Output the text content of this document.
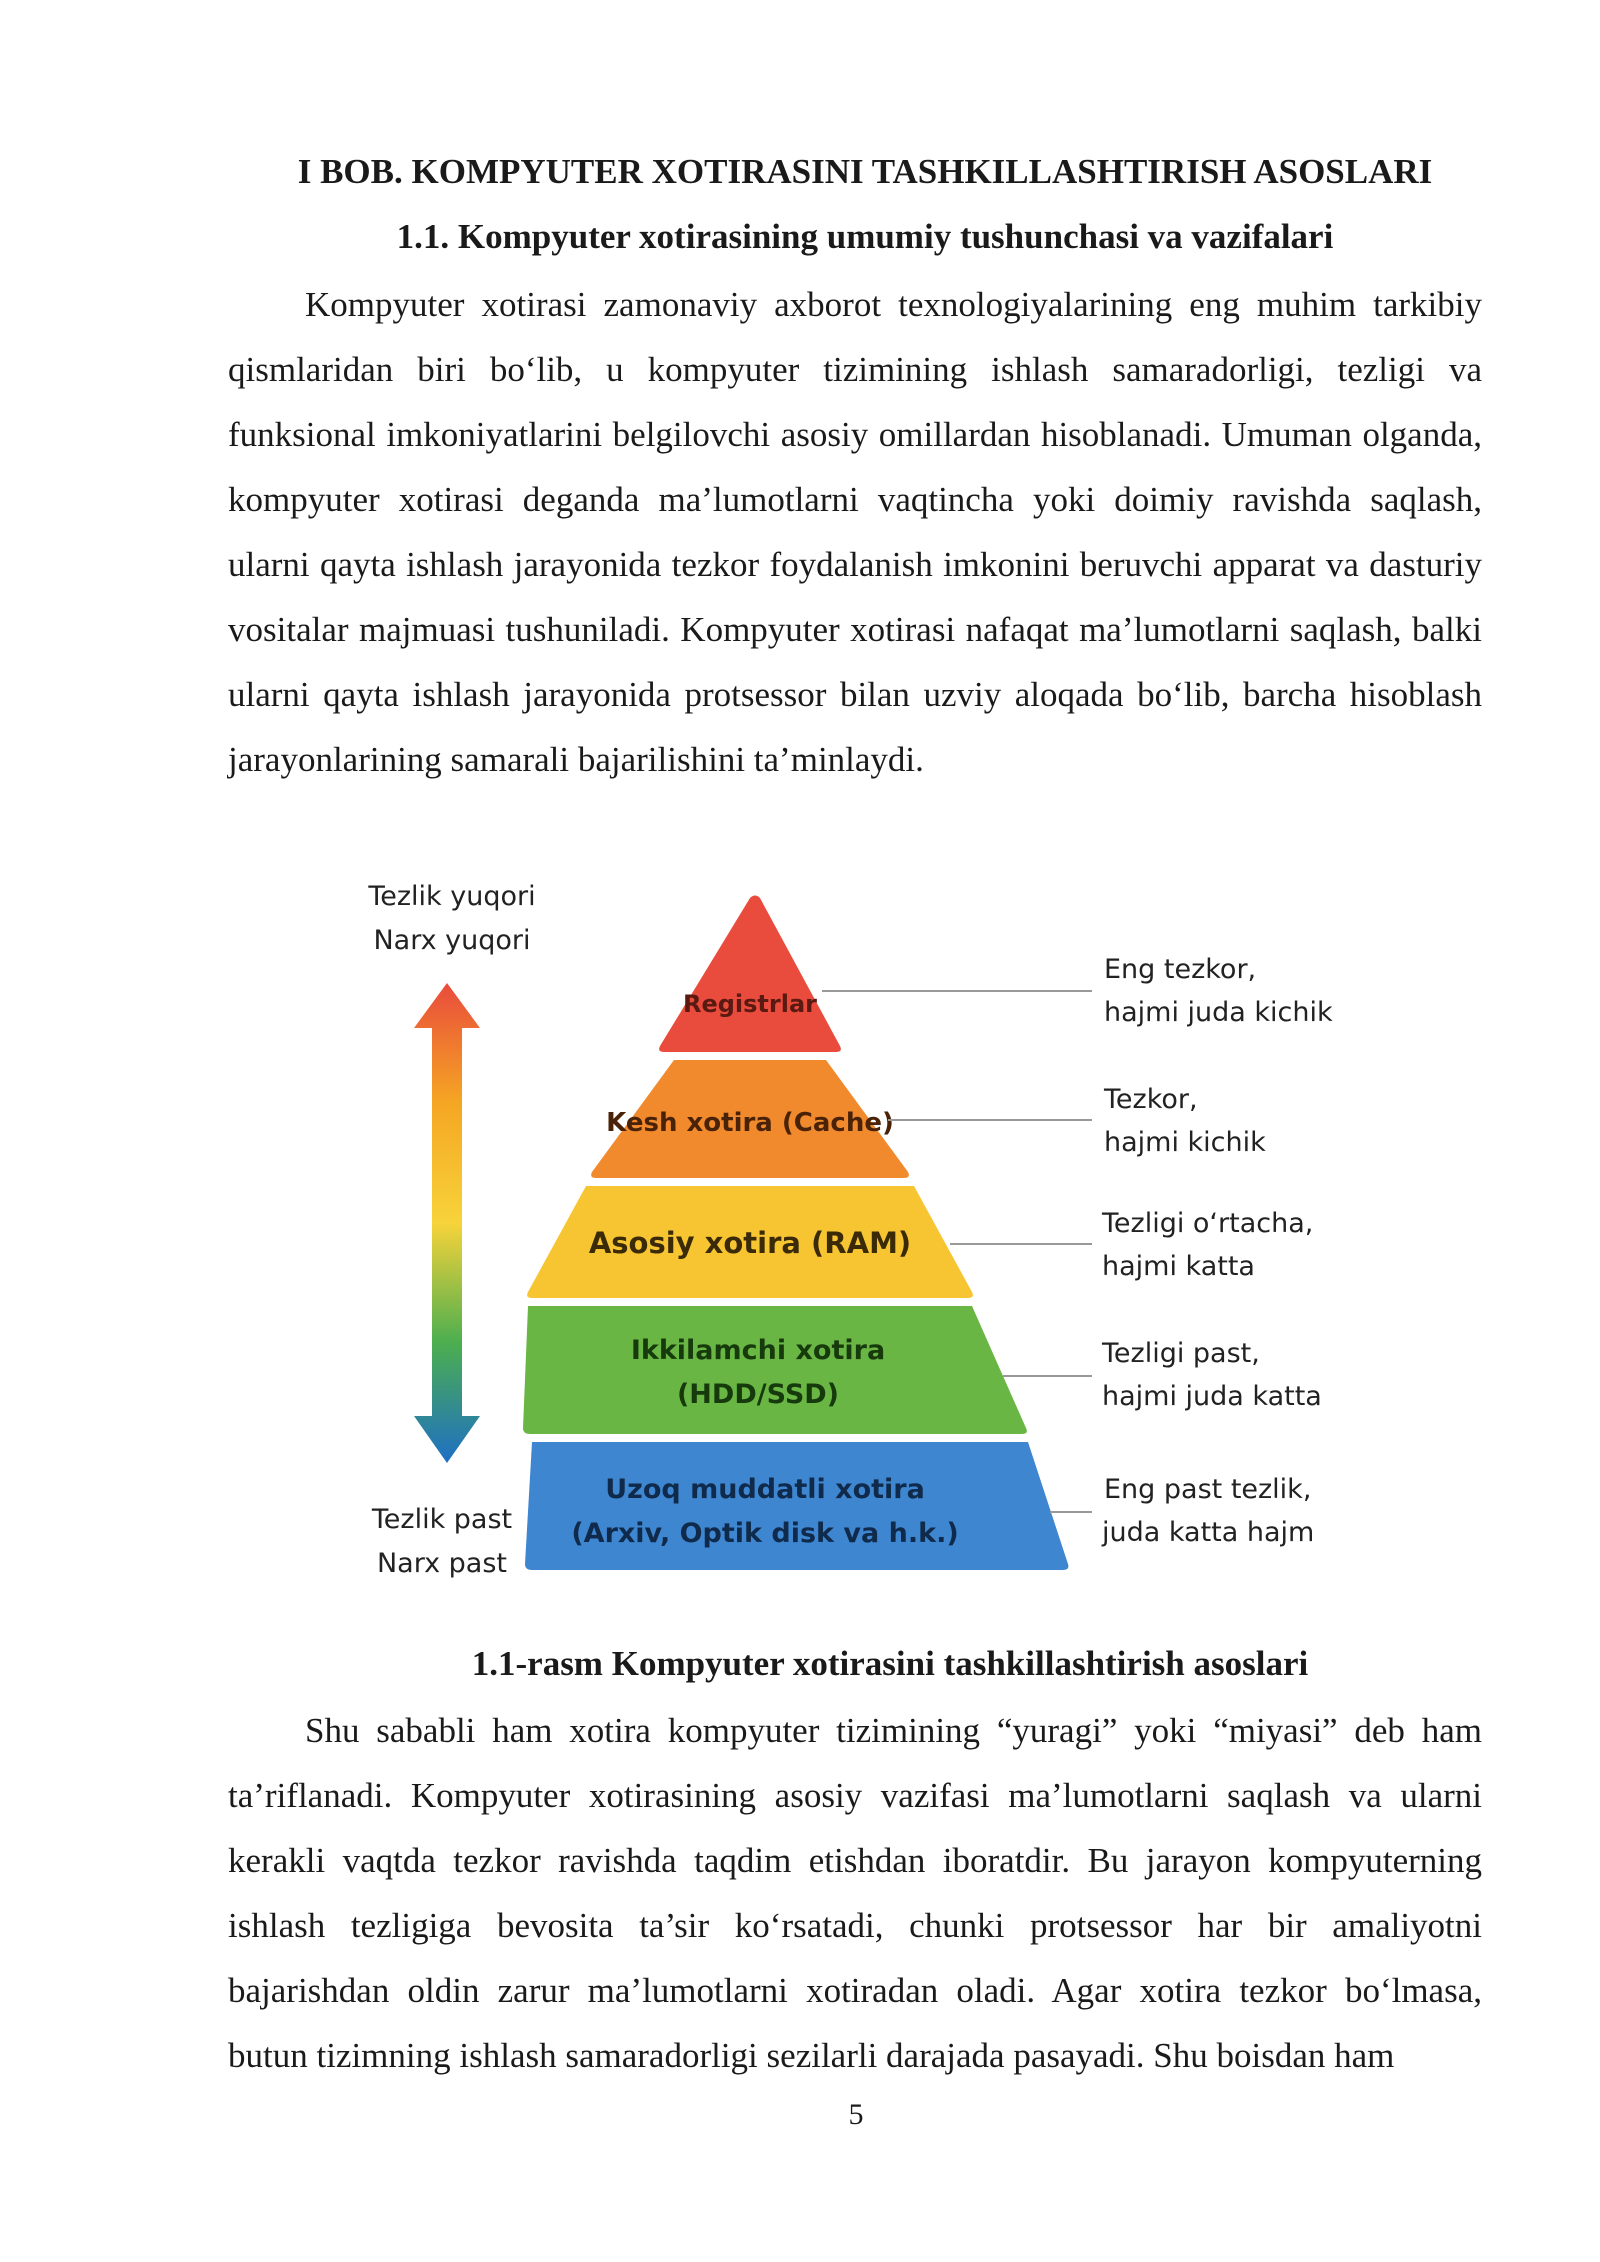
I BOB. KOMPYUTER XOTIRASINI TASHKILLASHTIRISH ASOSLARI

1.1. Kompyuter xotirasining umumiy tushunchasi va vazifalari

Kompyuter xotirasi zamonaviy axborot texnologiyalarining eng muhim tarkibiy qismlaridan biri bo‘lib, u kompyuter tizimining ishlash samaradorligi, tezligi va funksional imkoniyatlarini belgilovchi asosiy omillardan hisoblanadi. Umuman olganda, kompyuter xotirasi deganda ma’lumotlarni vaqtincha yoki doimiy ravishda saqlash, ularni qayta ishlash jarayonida tezkor foydalanish imkonini beruvchi apparat va dasturiy vositalar majmuasi tushuniladi. Kompyuter xotirasi nafaqat ma’lumotlarni saqlash, balki ularni qayta ishlash jarayonida protsessor bilan uzviy aloqada bo‘lib, barcha hisoblash jarayonlarining samarali bajarilishini ta’minlaydi.

Tezlik yuqori
Narx yuqori
Tezlik past
Narx past
Registrlar
Eng tezkor,
hajmi juda kichik
Kesh xotira (Cache)
Tezkor,
hajmi kichik
Asosiy xotira (RAM)
Tezligi o‘rtacha,
hajmi katta
Ikkilamchi xotira
(HDD/SSD)
Tezligi past,
hajmi juda katta
Uzoq muddatli xotira
(Arxiv, Optik disk va h.k.)
Eng past tezlik,
juda katta hajm

1.1-rasm Kompyuter xotirasini tashkillashtirish asoslari

Shu sababli ham xotira kompyuter tizimining “yuragi” yoki “miyasi” deb ham ta’riflanadi. Kompyuter xotirasining asosiy vazifasi ma’lumotlarni saqlash va ularni kerakli vaqtda tezkor ravishda taqdim etishdan iboratdir. Bu jarayon kompyuterning ishlash tezligiga bevosita ta’sir ko‘rsatadi, chunki protsessor har bir amaliyotni bajarishdan oldin zarur ma’lumotlarni xotiradan oladi. Agar xotira tezkor bo‘lmasa, butun tizimning ishlash samaradorligi sezilarli darajada pasayadi. Shu boisdan ham

5
